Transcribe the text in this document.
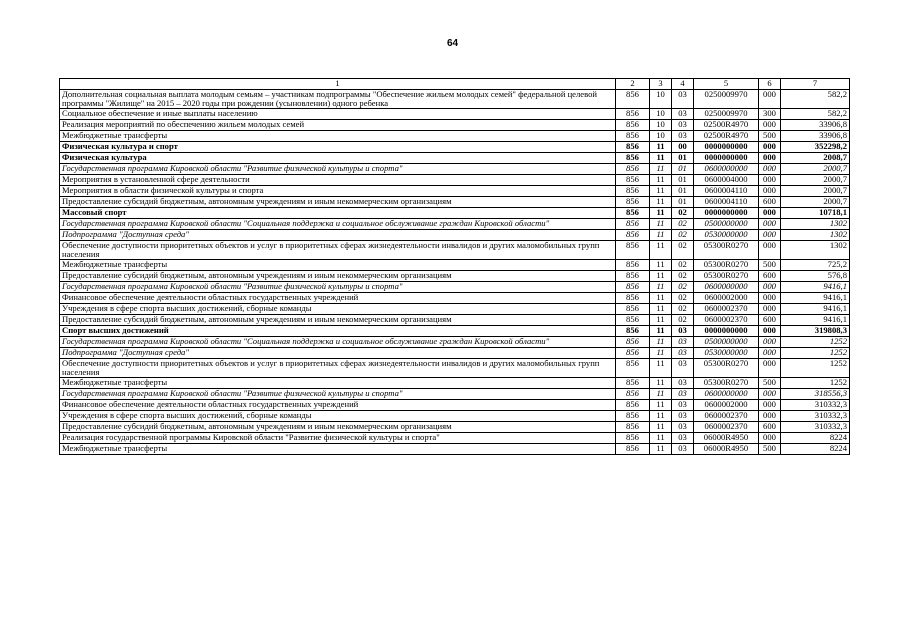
64
1	2	3	4	5	6	7
Дополнительная социальная выплата молодым семьям – участникам подпрограммы "Обеспечение жильем молодых семей" федеральной целевой программы "Жилище" на 2015 – 2020 годы при рождении (усыновлении) одного ребенка	856	10	03	0250009970	000	582,2
Социальное обеспечение и иные выплаты населению	856	10	03	0250009970	300	582,2
Реализация мероприятий по обеспечению жильем молодых семей	856	10	03	02500R4970	000	33906,8
Межбюджетные трансферты	856	10	03	02500R4970	500	33906,8
Физическая культура и спорт	856	11	00	0000000000	000	352298,2
Физическая культура	856	11	01	0000000000	000	2008,7
Государственная программа Кировской области "Развитие физической культуры и спорта"	856	11	01	0600000000	000	2000,7
Мероприятия в установленной сфере деятельности	856	11	01	0600004000	000	2000,7
Мероприятия в области физической культуры и спорта	856	11	01	0600004110	000	2000,7
Предоставление субсидий бюджетным, автономным учреждениям и иным некоммерческим организациям	856	11	01	0600004110	600	2000,7
Массовый спорт	856	11	02	0000000000	000	10718,1
Государственная программа Кировской области "Социальная поддержка и социальное обслуживание граждан Кировской области"	856	11	02	0500000000	000	1302
Подпрограмма "Доступная среда"	856	11	02	0530000000	000	1302
Обеспечение доступности приоритетных объектов и услуг в приоритетных сферах жизнедеятельности инвалидов и других маломобильных групп населения	856	11	02	05300R0270	000	1302
Межбюджетные трансферты	856	11	02	05300R0270	500	725,2
Предоставление субсидий бюджетным, автономным учреждениям и иным некоммерческим организациям	856	11	02	05300R0270	600	576,8
Государственная программа Кировской области "Развитие физической культуры и спорта"	856	11	02	0600000000	000	9416,1
Финансовое обеспечение деятельности областных государственных учреждений	856	11	02	0600002000	000	9416,1
Учреждения в сфере спорта высших достижений, сборные команды	856	11	02	0600002370	000	9416,1
Предоставление субсидий бюджетным, автономным учреждениям и иным некоммерческим организациям	856	11	02	0600002370	600	9416,1
Спорт высших достижений	856	11	03	0000000000	000	319808,3
Государственная программа Кировской области "Социальная поддержка и социальное обслуживание граждан Кировской области"	856	11	03	0500000000	000	1252
Подпрограмма "Доступная среда"	856	11	03	0530000000	000	1252
Обеспечение доступности приоритетных объектов и услуг в приоритетных сферах жизнедеятельности инвалидов и других маломобильных групп населения	856	11	03	05300R0270	000	1252
Межбюджетные трансферты	856	11	03	05300R0270	500	1252
Государственная программа Кировской области "Развитие физической культуры и спорта"	856	11	03	0600000000	000	318556,3
Финансовое обеспечение деятельности областных государственных учреждений	856	11	03	0600002000	000	310332,3
Учреждения в сфере спорта высших достижений, сборные команды	856	11	03	0600002370	000	310332,3
Предоставление субсидий бюджетным, автономным учреждениям и иным некоммерческим организациям	856	11	03	0600002370	600	310332,3
Реализация государственной программы Кировской области "Развитие физической культуры и спорта"	856	11	03	06000R4950	000	8224
Межбюджетные трансферты	856	11	03	06000R4950	500	8224
